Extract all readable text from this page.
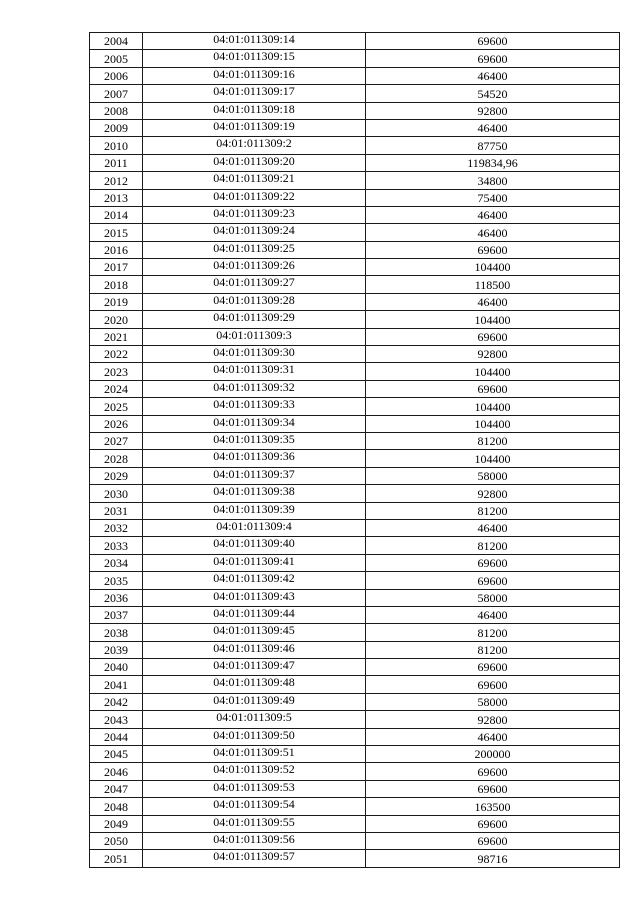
2004	04:01:011309:14	69600
2005	04:01:011309:15	69600
2006	04:01:011309:16	46400
2007	04:01:011309:17	54520
2008	04:01:011309:18	92800
2009	04:01:011309:19	46400
2010	04:01:011309:2	87750
2011	04:01:011309:20	119834,96
2012	04:01:011309:21	34800
2013	04:01:011309:22	75400
2014	04:01:011309:23	46400
2015	04:01:011309:24	46400
2016	04:01:011309:25	69600
2017	04:01:011309:26	104400
2018	04:01:011309:27	118500
2019	04:01:011309:28	46400
2020	04:01:011309:29	104400
2021	04:01:011309:3	69600
2022	04:01:011309:30	92800
2023	04:01:011309:31	104400
2024	04:01:011309:32	69600
2025	04:01:011309:33	104400
2026	04:01:011309:34	104400
2027	04:01:011309:35	81200
2028	04:01:011309:36	104400
2029	04:01:011309:37	58000
2030	04:01:011309:38	92800
2031	04:01:011309:39	81200
2032	04:01:011309:4	46400
2033	04:01:011309:40	81200
2034	04:01:011309:41	69600
2035	04:01:011309:42	69600
2036	04:01:011309:43	58000
2037	04:01:011309:44	46400
2038	04:01:011309:45	81200
2039	04:01:011309:46	81200
2040	04:01:011309:47	69600
2041	04:01:011309:48	69600
2042	04:01:011309:49	58000
2043	04:01:011309:5	92800
2044	04:01:011309:50	46400
2045	04:01:011309:51	200000
2046	04:01:011309:52	69600
2047	04:01:011309:53	69600
2048	04:01:011309:54	163500
2049	04:01:011309:55	69600
2050	04:01:011309:56	69600
2051	04:01:011309:57	98716
